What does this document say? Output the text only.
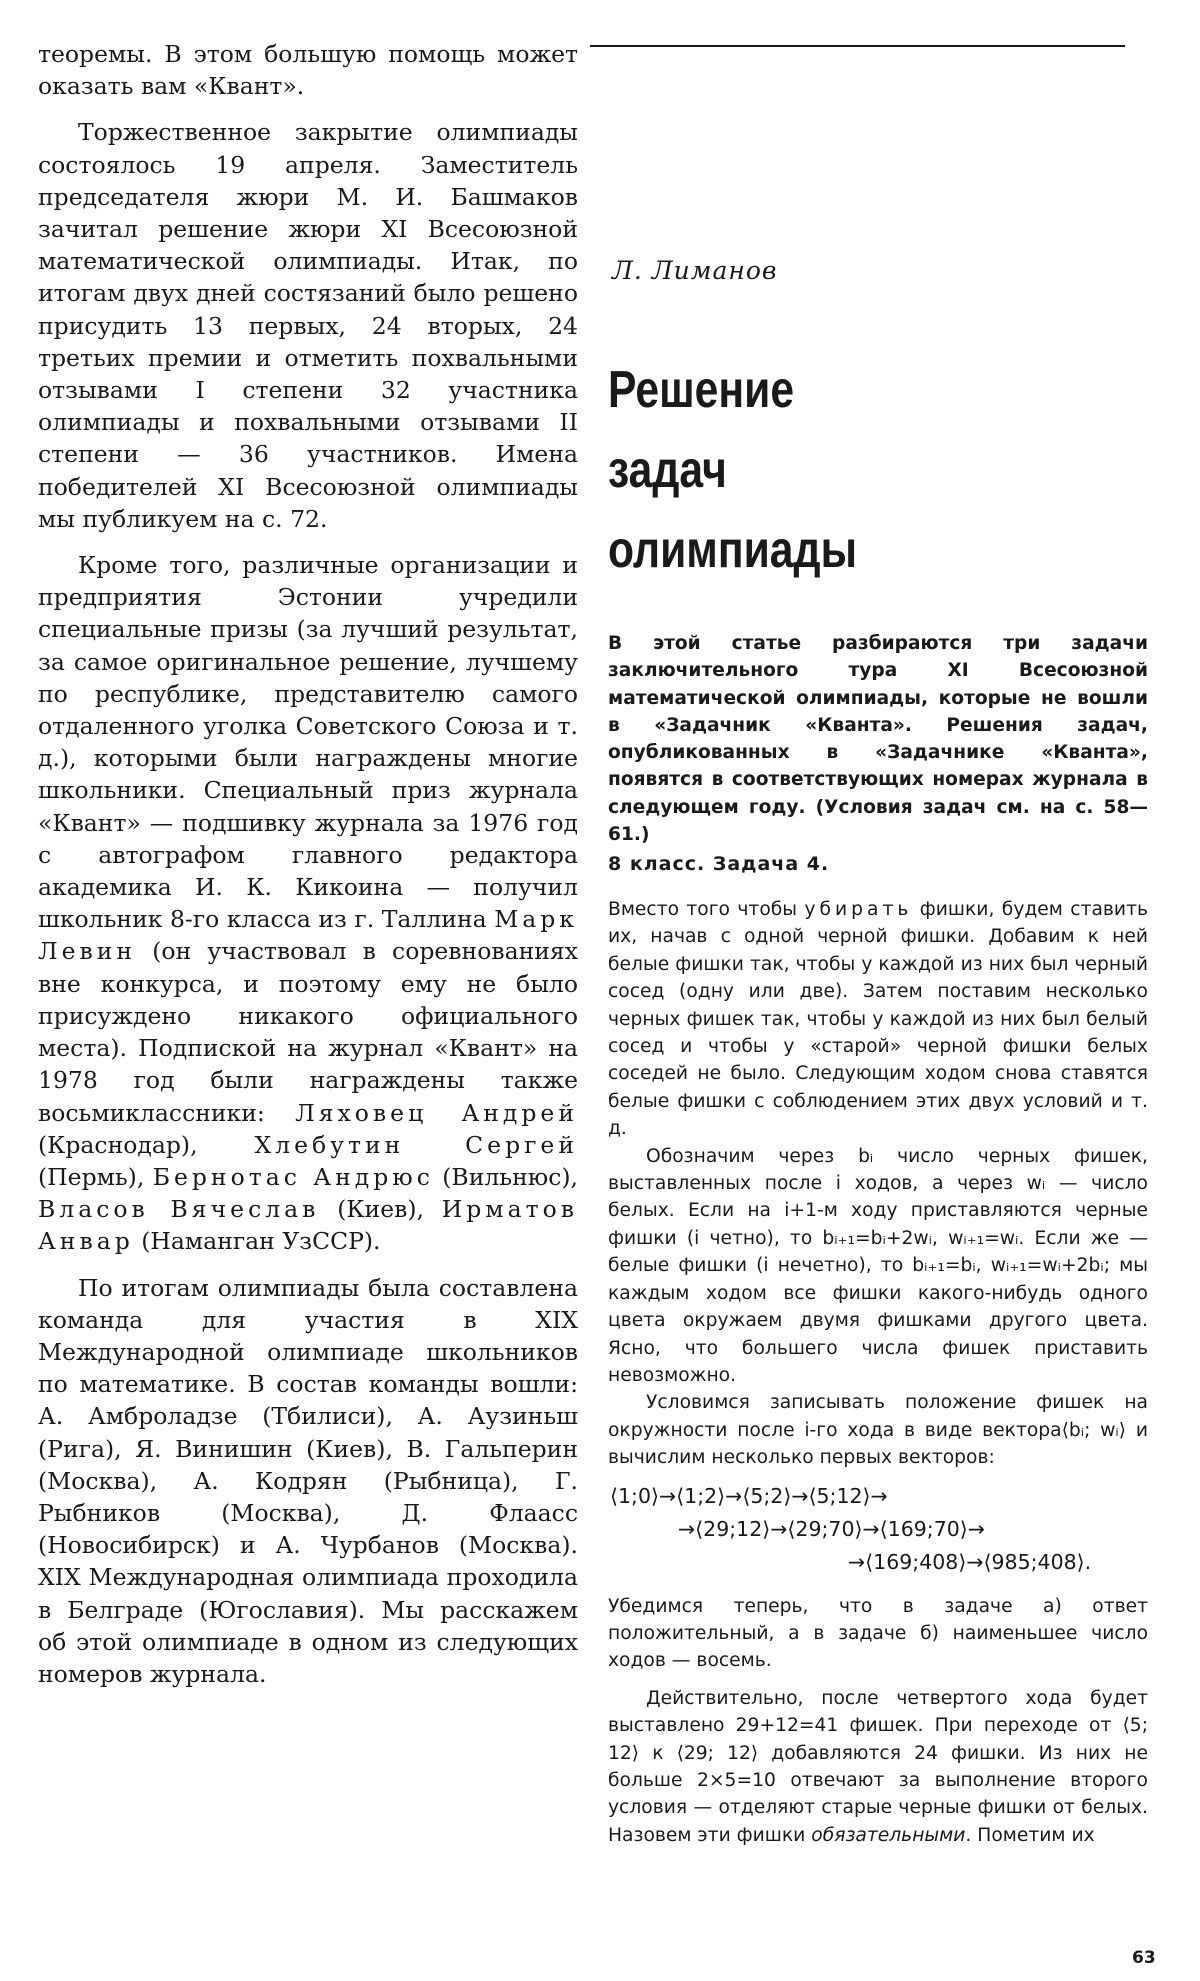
теоремы. В этом большую помощь может оказать вам «Квант».

Торжественное закрытие олимпиады состоялось 19 апреля. Заместитель председателя жюри М. И. Башмаков зачитал решение жюри XI Всесоюзной математической олимпиады. Итак, по итогам двух дней состязаний было решено присудить 13 первых, 24 вторых, 24 третьих премии и отметить похвальными отзывами I степени 32 участника олимпиады и похвальными отзывами II степени — 36 участников. Имена победителей XI Всесоюзной олимпиады мы публикуем на с. 72.

Кроме того, различные организации и предприятия Эстонии учредили специальные призы (за лучший результат, за самое оригинальное решение, лучшему по республике, представителю самого отдаленного уголка Советского Союза и т. д.), которыми были награждены многие школьники. Специальный приз журнала «Квант» — подшивку журнала за 1976 год с автографом главного редактора академика И. К. Кикоина — получил школьник 8-го класса из г. Таллина Марк Левин (он участвовал в соревнованиях вне конкурса, и поэтому ему не было присуждено никакого официального места). Подпиской на журнал «Квант» на 1978 год были награждены также восьмиклассники: Ляховец Андрей (Краснодар), Хлебутин Сергей (Пермь), Бернотас Андрюс (Вильнюс), Власов Вячеслав (Киев), Ирматов Анвар (Наманган УзССР).

По итогам олимпиады была составлена команда для участия в XIX Международной олимпиаде школьников по математике. В состав команды вошли: А. Амброладзе (Тбилиси), А. Аузиньш (Рига), Я. Винишин (Киев), В. Гальперин (Москва), А. Кодрян (Рыбница), Г. Рыбников (Москва), Д. Флаасс (Новосибирск) и А. Чурбанов (Москва). XIX Международная олимпиада проходила в Белграде (Югославия). Мы расскажем об этой олимпиаде в одном из следующих номеров журнала.

Л. Лиманов
Решение
задач
олимпиады

В этой статье разбираются три задачи заключительного тура XI Всесоюзной математической олимпиады, которые не вошли в «Задачник «Кванта». Решения задач, опубликованных в «Задачнике «Кванта», появятся в соответствующих номерах журнала в следующем году. (Условия задач см. на с. 58—61.)

8 класс. Задача 4.

Вместо того чтобы убирать фишки, будем ставить их, начав с одной черной фишки. Добавим к ней белые фишки так, чтобы у каждой из них был черный сосед (одну или две). Затем поставим несколько черных фишек так, чтобы у каждой из них был белый сосед и чтобы у «старой» черной фишки белых соседей не было. Следующим ходом снова ставятся белые фишки с соблюдением этих двух условий и т. д.

Обозначим через bᵢ число черных фишек, выставленных после i ходов, а через wᵢ — число белых. Если на i+1-м ходу приставляются черные фишки (i четно), то bᵢ₊₁=bᵢ+2wᵢ, wᵢ₊₁=wᵢ. Если же — белые фишки (i нечетно), то bᵢ₊₁=bᵢ, wᵢ₊₁=wᵢ+2bᵢ; мы каждым ходом все фишки какого-нибудь одного цвета окружаем двумя фишками другого цвета. Ясно, что большего числа фишек приставить невозможно.

Условимся записывать положение фишек на окружности после i-го хода в виде вектора⟨bᵢ; wᵢ⟩ и вычислим несколько первых векторов:

⟨1;0⟩→⟨1;2⟩→⟨5;2⟩→⟨5;12⟩→
→⟨29;12⟩→⟨29;70⟩→⟨169;70⟩→
→⟨169;408⟩→⟨985;408⟩.

Убедимся теперь, что в задаче а) ответ положительный, а в задаче б) наименьшее число ходов — восемь.

Действительно, после четвертого хода будет выставлено 29+12=41 фишек. При переходе от ⟨5; 12⟩ к ⟨29; 12⟩ добавляются 24 фишки. Из них не больше 2×5=10 отвечают за выполнение второго условия — отделяют старые черные фишки от белых. Назовем эти фишки обязательными. Пометим их

63
